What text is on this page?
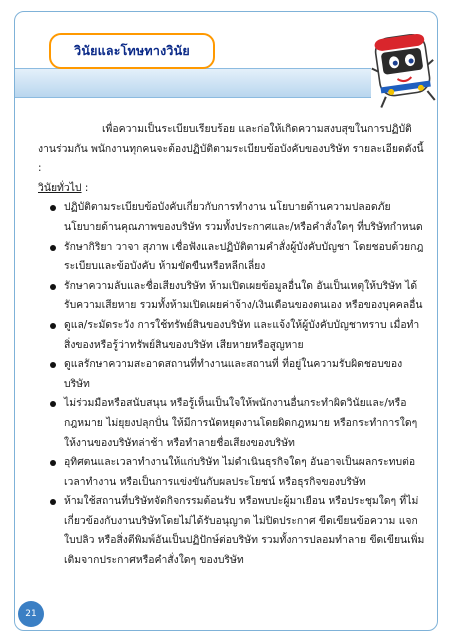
วินัยและโทษทางวินัย

เพื่อความเป็นระเบียบเรียบร้อย และก่อให้เกิดความสงบสุขในการปฏิบัติงานร่วมกัน พนักงานทุกคนจะต้องปฏิบัติตามระเบียบข้อบังคับของบริษัท รายละเอียดดังนี้ :

วินัยทั่วไป :

ปฏิบัติตามระเบียบข้อบังคับเกี่ยวกับการทำงาน นโยบายด้านความปลอดภัย นโยบายด้านคุณภาพของบริษัท รวมทั้งประกาศและ/หรือคำสั่งใดๆ ที่บริษัทกำหนด
รักษากิริยา วาจา สุภาพ เชื่อฟังและปฏิบัติตามคำสั่งผู้บังคับบัญชา โดยชอบด้วยกฎระเบียบและข้อบังคับ ห้ามขัดขืนหรือหลีกเลี่ยง
รักษาความลับและชื่อเสียงบริษัท ห้ามเปิดเผยข้อมูลอื่นใด อันเป็นเหตุให้บริษัท ได้รับความเสียหาย รวมทั้งห้ามเปิดเผยค่าจ้าง/เงินเดือนของตนเอง หรือของบุคคลอื่น
ดูแล/ระมัดระวัง การใช้ทรัพย์สินของบริษัท และแจ้งให้ผู้บังคับบัญชาทราบ เมื่อทำสิ่งของหรือรู้ว่าทรัพย์สินของบริษัท เสียหายหรือสูญหาย
ดูแลรักษาความสะอาดสถานที่ทำงานและสถานที่ ที่อยู่ในความรับผิดชอบของบริษัท
ไม่ร่วมมือหรือสนับสนุน หรือรู้เห็นเป็นใจให้พนักงานอื่นกระทำผิดวินัยและ/หรือกฎหมาย ไม่ยุยงปลุกปั่น ให้มีการนัดหยุดงานโดยผิดกฎหมาย หรือกระทำการใดๆ ให้งานของบริษัทล่าช้า หรือทำลายชื่อเสียงของบริษัท
อุทิศตนและเวลาทำงานให้แก่บริษัท ไม่ดำเนินธุรกิจใดๆ อันอาจเป็นผลกระทบต่อเวลาทำงาน หรือเป็นการแข่งขันกับผลประโยชน์ หรือธุรกิจของบริษัท
ห้ามใช้สถานที่บริษัทจัดกิจกรรมต้อนรับ หรือพบปะผู้มาเยือน หรือประชุมใดๆ ที่ไม่เกี่ยวข้องกับงานบริษัทโดยไม่ได้รับอนุญาต ไม่ปิดประกาศ ขีดเขียนข้อความ แจกใบปลิว หรือสิ่งตีพิมพ์อันเป็นปฏิปักษ์ต่อบริษัท รวมทั้งการปลอมทำลาย ขีดเขียนเพิ่มเติมจากประกาศหรือคำสั่งใดๆ ของบริษัท
21
